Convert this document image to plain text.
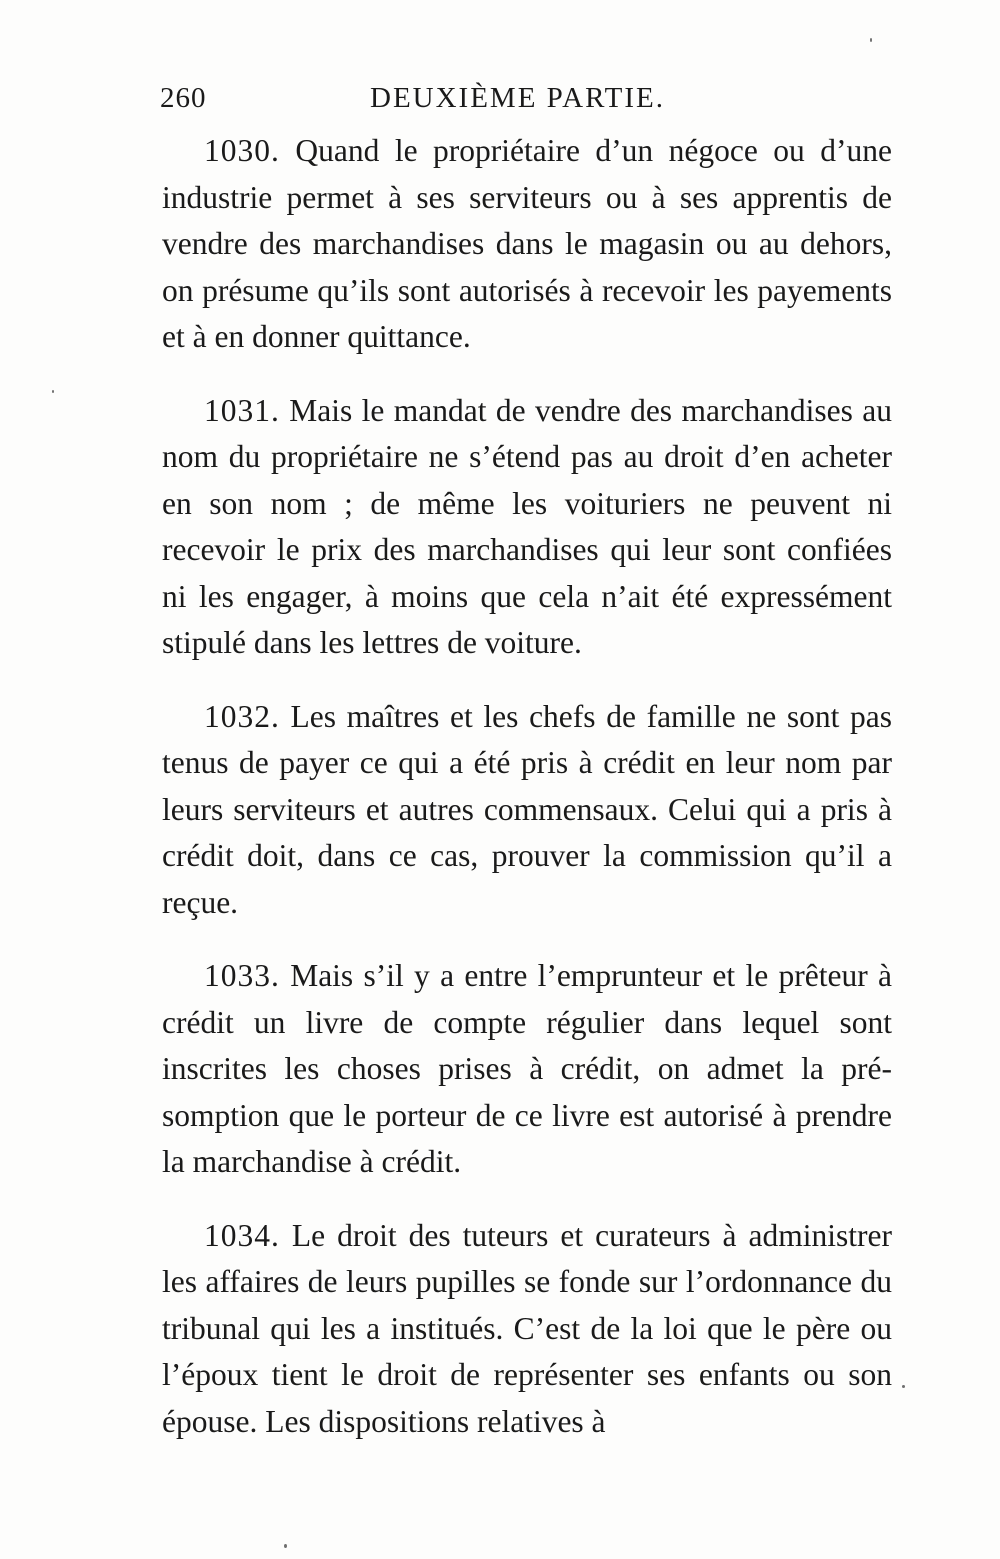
260	DEUXIÈME PARTIE.

1030. Quand le propriétaire d’un négoce ou d’une industrie permet à ses serviteurs ou à ses apprentis de vendre des marchandises dans le magasin ou au dehors, on présume qu’ils sont autorisés à recevoir les payements et à en donner quittance.

1031. Mais le mandat de vendre des marchandises au nom du propriétaire ne s’étend pas au droit d’en acheter en son nom ; de même les voituriers ne peuvent ni recevoir le prix des marchandises qui leur sont confiées ni les engager, à moins que cela n’ait été expressément stipulé dans les lettres de voiture.

1032. Les maîtres et les chefs de famille ne sont pas tenus de payer ce qui a été pris à crédit en leur nom par leurs serviteurs et autres commensaux. Celui qui a pris à crédit doit, dans ce cas, prouver la commission qu’il a reçue.

1033. Mais s’il y a entre l’emprunteur et le prêteur à crédit un livre de compte régulier dans lequel sont inscrites les choses prises à crédit, on admet la présomption que le porteur de ce livre est autorisé à prendre la marchandise à crédit.

1034. Le droit des tuteurs et curateurs à administrer les affaires de leurs pupilles se fonde sur l’ordonnance du tribunal qui les a institués. C’est de la loi que le père ou l’époux tient le droit de représenter ses enfants ou son épouse. Les dispositions relatives à
